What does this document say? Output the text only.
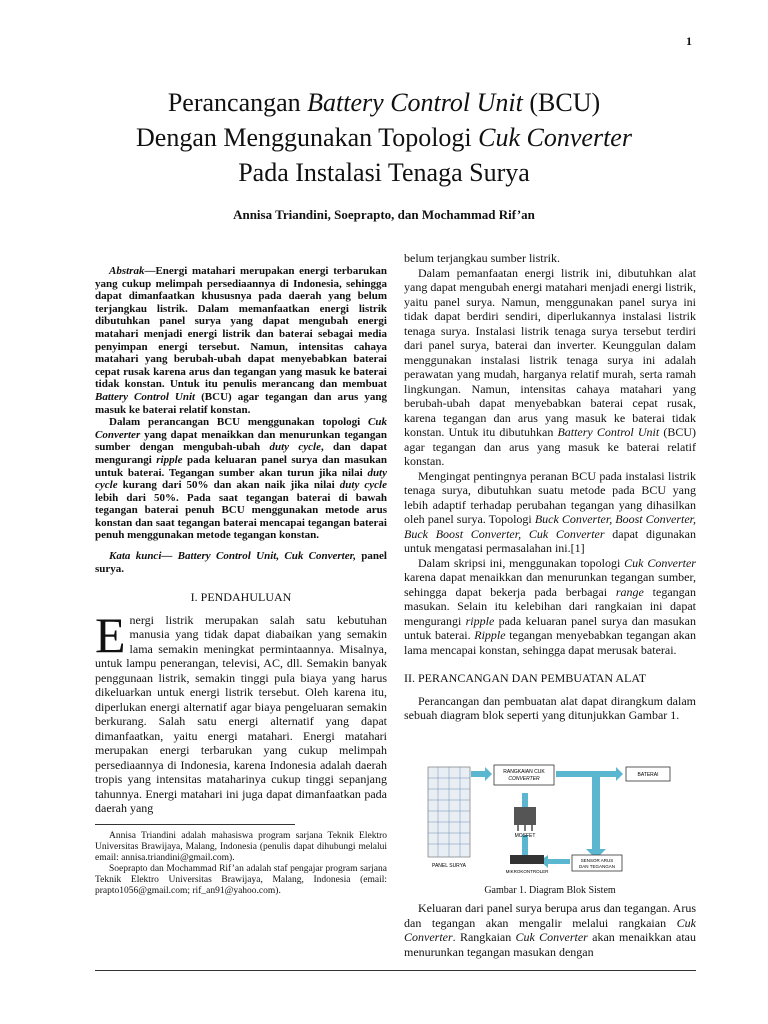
1
Perancangan Battery Control Unit (BCU)
Dengan Menggunakan Topologi Cuk Converter
Pada Instalasi Tenaga Surya
Annisa Triandini, Soeprapto, dan Mochammad Rif’an

Abstrak—Energi matahari merupakan energi terbarukan yang cukup melimpah persediaannya di Indonesia, sehingga dapat dimanfaatkan khususnya pada daerah yang belum terjangkau listrik. Dalam memanfaatkan energi listrik dibutuhkan panel surya yang dapat mengubah energi matahari menjadi energi listrik dan baterai sebagai media penyimpan energi tersebut. Namun, intensitas cahaya matahari yang berubah-ubah dapat menyebabkan baterai cepat rusak karena arus dan tegangan yang masuk ke baterai tidak konstan. Untuk itu penulis merancang dan membuat Battery Control Unit (BCU) agar tegangan dan arus yang masuk ke baterai relatif konstan.

Dalam perancangan BCU menggunakan topologi Cuk Converter yang dapat menaikkan dan menurunkan tegangan sumber dengan mengubah-ubah duty cycle, dan dapat mengurangi ripple pada keluaran panel surya dan masukan untuk baterai. Tegangan sumber akan turun jika nilai duty cycle kurang dari 50% dan akan naik jika nilai duty cycle lebih dari 50%. Pada saat tegangan baterai di bawah tegangan baterai penuh BCU menggunakan metode arus konstan dan saat tegangan baterai mencapai tegangan baterai penuh menggunakan metode tegangan konstan.

Kata kunci— Battery Control Unit, Cuk Converter, panel surya.

I. PENDAHULUAN

Energi listrik merupakan salah satu kebutuhan manusia yang tidak dapat diabaikan yang semakin lama semakin meningkat permintaannya. Misalnya, untuk lampu penerangan, televisi, AC, dll. Semakin banyak penggunaan listrik, semakin tinggi pula biaya yang harus dikeluarkan untuk energi listrik tersebut. Oleh karena itu, diperlukan energi alternatif agar biaya pengeluaran semakin berkurang. Salah satu energi alternatif yang dapat dimanfaatkan, yaitu energi matahari. Energi matahari merupakan energi terbarukan yang cukup melimpah persediaannya di Indonesia, karena Indonesia adalah daerah tropis yang intensitas mataharinya cukup tinggi sepanjang tahunnya. Energi matahari ini juga dapat dimanfaatkan pada daerah yang

Annisa Triandini adalah mahasiswa program sarjana Teknik Elektro Universitas Brawijaya, Malang, Indonesia (penulis dapat dihubungi melalui email: annisa.triandini@gmail.com).

Soeprapto dan Mochammad Rif’an adalah staf pengajar program sarjana Teknik Elektro Universitas Brawijaya, Malang, Indonesia (email: prapto1056@gmail.com; rif_an91@yahoo.com).

belum terjangkau sumber listrik.

Dalam pemanfaatan energi listrik ini, dibutuhkan alat yang dapat mengubah energi matahari menjadi energi listrik, yaitu panel surya. Namun, menggunakan panel surya ini tidak dapat berdiri sendiri, diperlukannya instalasi listrik tenaga surya. Instalasi listrik tenaga surya tersebut terdiri dari panel surya, baterai dan inverter. Keunggulan dalam menggunakan instalasi listrik tenaga surya ini adalah perawatan yang mudah, harganya relatif murah, serta ramah lingkungan. Namun, intensitas cahaya matahari yang berubah-ubah dapat menyebabkan baterai cepat rusak, karena tegangan dan arus yang masuk ke baterai tidak konstan. Untuk itu dibutuhkan Battery Control Unit (BCU) agar tegangan dan arus yang masuk ke baterai relatif konstan.

Mengingat pentingnya peranan BCU pada instalasi listrik tenaga surya, dibutuhkan suatu metode pada BCU yang lebih adaptif terhadap perubahan tegangan yang dihasilkan oleh panel surya. Topologi Buck Converter, Boost Converter, Buck Boost Converter, Cuk Converter dapat digunakan untuk mengatasi permasalahan ini.[1]

Dalam skripsi ini, menggunakan topologi Cuk Converter karena dapat menaikkan dan menurunkan tegangan sumber, sehingga dapat bekerja pada berbagai range tegangan masukan. Selain itu kelebihan dari rangkaian ini dapat mengurangi ripple pada keluaran panel surya dan masukan untuk baterai. Ripple tegangan menyebabkan tegangan akan lama mencapai konstan, sehingga dapat merusak baterai.

II. PERANCANGAN DAN PEMBUATAN ALAT

Perancangan dan pembuatan alat dapat dirangkum dalam sebuah diagram blok seperti yang ditunjukkan Gambar 1.

PANEL SURYA
RANGKAIAN CUK
CONVERTER
BATERAI
MOSFET
MIKROKONTROLER
SENSOR ARUS
DAN TEGANGAN
Gambar 1. Diagram Blok Sistem

Keluaran dari panel surya berupa arus dan tegangan. Arus dan tegangan akan mengalir melalui rangkaian Cuk Converter. Rangkaian Cuk Converter akan menaikkan atau menurunkan tegangan masukan dengan
